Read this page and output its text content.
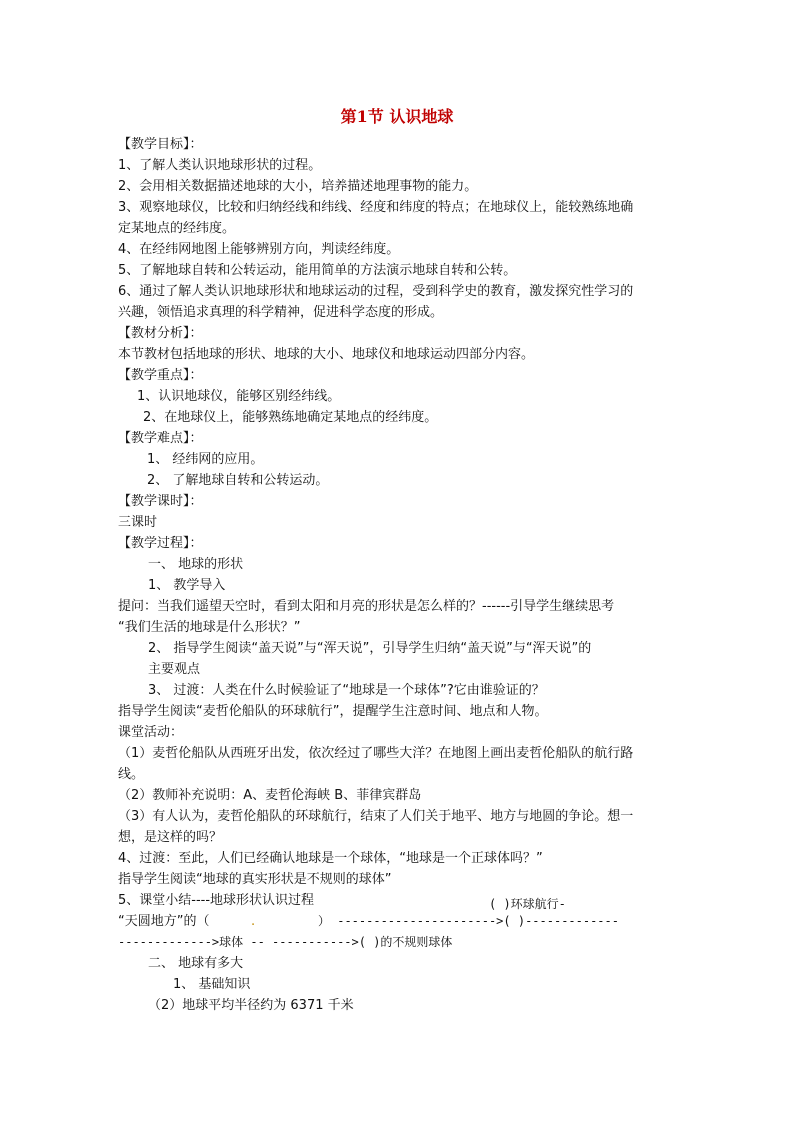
第1节 认识地球
【教学目标】：
1、了解人类认识地球形状的过程。
2、会用相关数据描述地球的大小，培养描述地理事物的能力。
3、观察地球仪，比较和归纳经线和纬线、经度和纬度的特点；在地球仪上，能较熟练地确
定某地点的经纬度。
4、在经纬网地图上能够辨别方向，判读经纬度。
5、了解地球自转和公转运动，能用简单的方法演示地球自转和公转。
6、通过了解人类认识地球形状和地球运动的过程，受到科学史的教育，激发探究性学习的
兴趣，领悟追求真理的科学精神，促进科学态度的形成。
【教材分析】：
本节教材包括地球的形状、地球的大小、地球仪和地球运动四部分内容。
【教学重点】：
1、认识地球仪，能够区别经纬线。
2、在地球仪上，能够熟练地确定某地点的经纬度。
【教学难点】：
1、 经纬网的应用。
2、 了解地球自转和公转运动。
【教学课时】：
三课时
【教学过程】：
一、 地球的形状
1、 教学导入
提问：当我们遥望天空时，看到太阳和月亮的形状是怎么样的？------引导学生继续思考
“我们生活的地球是什么形状？”
2、 指导学生阅读“盖天说”与“浑天说”，引导学生归纳“盖天说”与“浑天说”的
主要观点
3、 过渡：人类在什么时候验证了“地球是一个球体”?它由谁验证的？
指导学生阅读“麦哲伦船队的环球航行”，提醒学生注意时间、地点和人物。
课堂活动：
（1）麦哲伦船队从西班牙出发，依次经过了哪些大洋？在地图上画出麦哲伦船队的航行路
线。
（2）教师补充说明：A、麦哲伦海峡 B、菲律宾群岛
（3）有人认为，麦哲伦船队的环球航行，结束了人们关于地平、地方与地圆的争论。想一
想，是这样的吗？
4、过渡：至此，人们已经确认地球是一个球体，“地球是一个正球体吗？”
指导学生阅读“地球的真实形状是不规则的球体”
5、课堂小结----地球形状认识过程	( )环球航行-
“天圆地方”的（	.	） ---------------------->( )-------------
------------->球体 -- ----------->( )的不规则球体
二、 地球有多大
1、 基础知识
（2）地球平均半径约为 6371 千米
